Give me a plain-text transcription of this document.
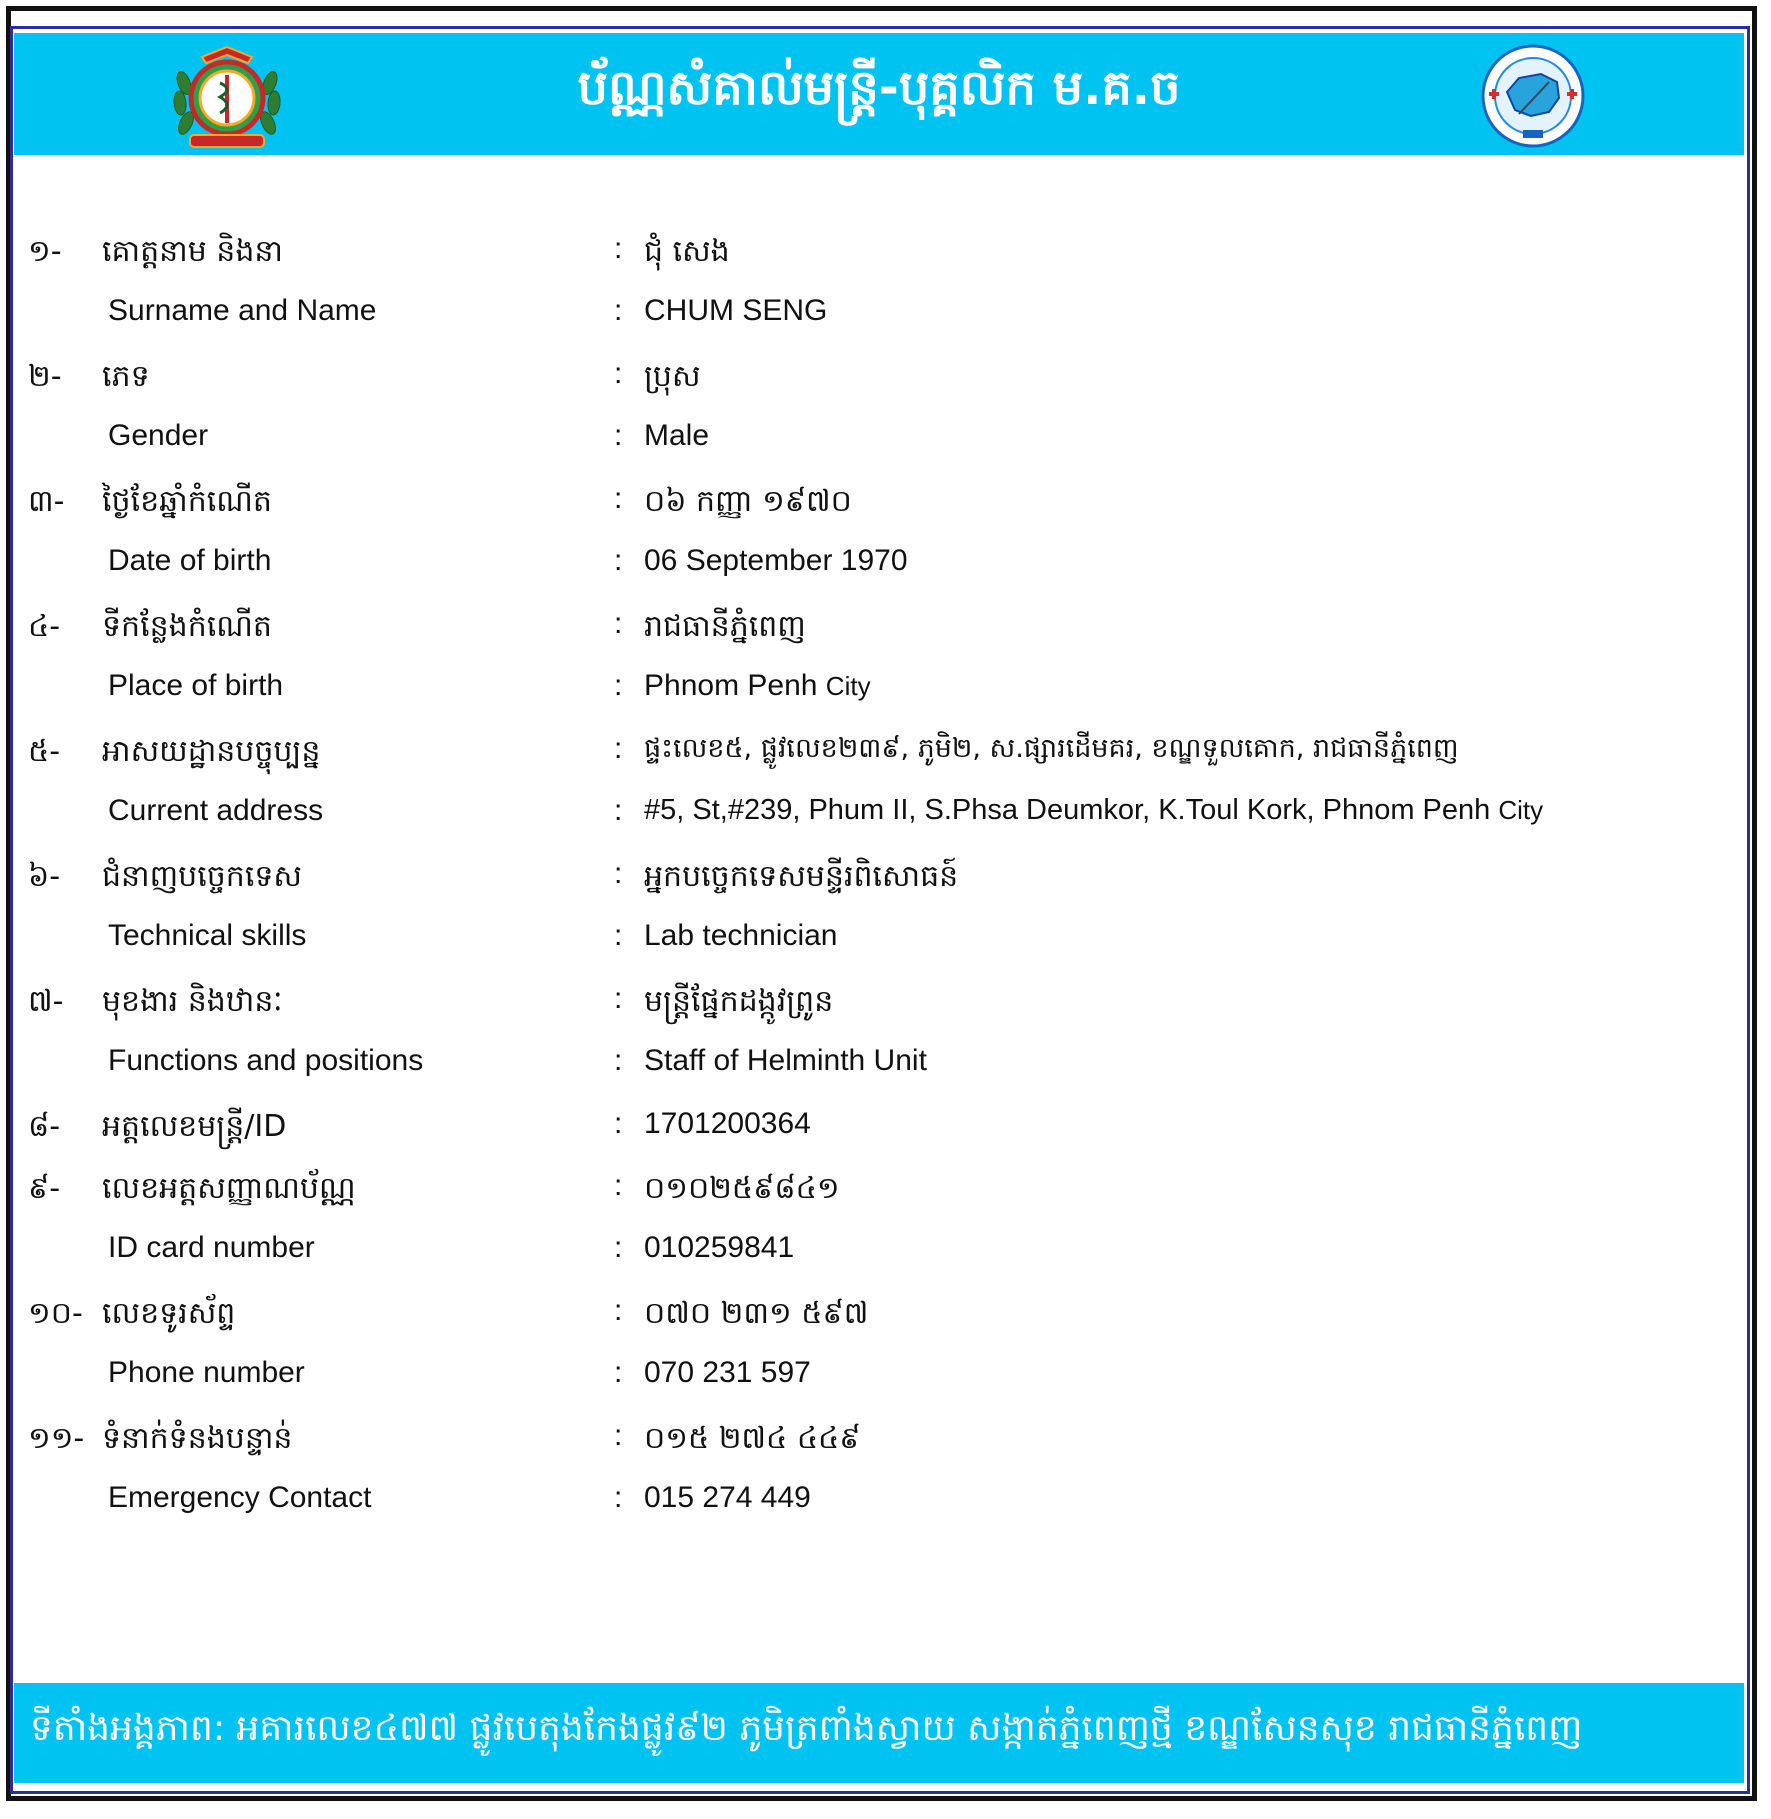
ប័ណ្ណសំគាល់មន្ត្រី-បុគ្គលិក ម.គ.ច
១-	គោត្តនាម និងនា	: ជុំ សេង
Surname and Name	: CHUM SENG
២-	ភេទ	: ប្រុស
Gender	: Male
៣-	ថ្ងៃខែឆ្នាំកំណើត	: ០៦ កញ្ញា ១៩៧០
Date of birth	: 06 September 1970
៤-	ទីកន្លែងកំណើត	: រាជធានីភ្នំពេញ
Place of birth	: Phnom Penh City
៥-	អាសយដ្ឋានបច្ចុប្បន្ន	: ផ្ទះលេខ៥, ផ្លូវលេខ២៣៩, ភូមិ២, ស.ផ្សារដើមគរ, ខណ្ឌទួលគោក, រាជធានីភ្នំពេញ
Current address	: #5, St,#239, Phum II, S.Phsa Deumkor, K.Toul Kork, Phnom Penh City
៦-	ជំនាញបច្ចេកទេស	: អ្នកបច្ចេកទេសមន្ទីរពិសោធន៍
Technical skills	: Lab technician
៧-	មុខងារ និងឋានៈ	: មន្ត្រីផ្នែកដង្កូវព្រូន
Functions and positions	: Staff of Helminth Unit
៨-	អត្តលេខមន្ត្រី/ID	: 1701200364
៩-	លេខអត្តសញ្ញាណប័ណ្ណ	: ០១០២៥៩៨៤១
ID card number	: 010259841
១០- លេខទូរស័ព្ទ	: ០៧០ ២៣១ ៥៩៧
Phone number	: 070 231 597
១១- ទំនាក់ទំនងបន្ទាន់	: ០១៥ ២៧៤ ៤៤៩
Emergency Contact	: 015 274 449
ទីតាំងអង្គភាព: អគារលេខ៤៧៧ ផ្លូវបេតុងកែងផ្លូវ៩២ ភូមិត្រពាំងស្វាយ សង្កាត់ភ្នំពេញថ្មី ខណ្ឌសែនសុខ រាជធានីភ្នំពេញ
